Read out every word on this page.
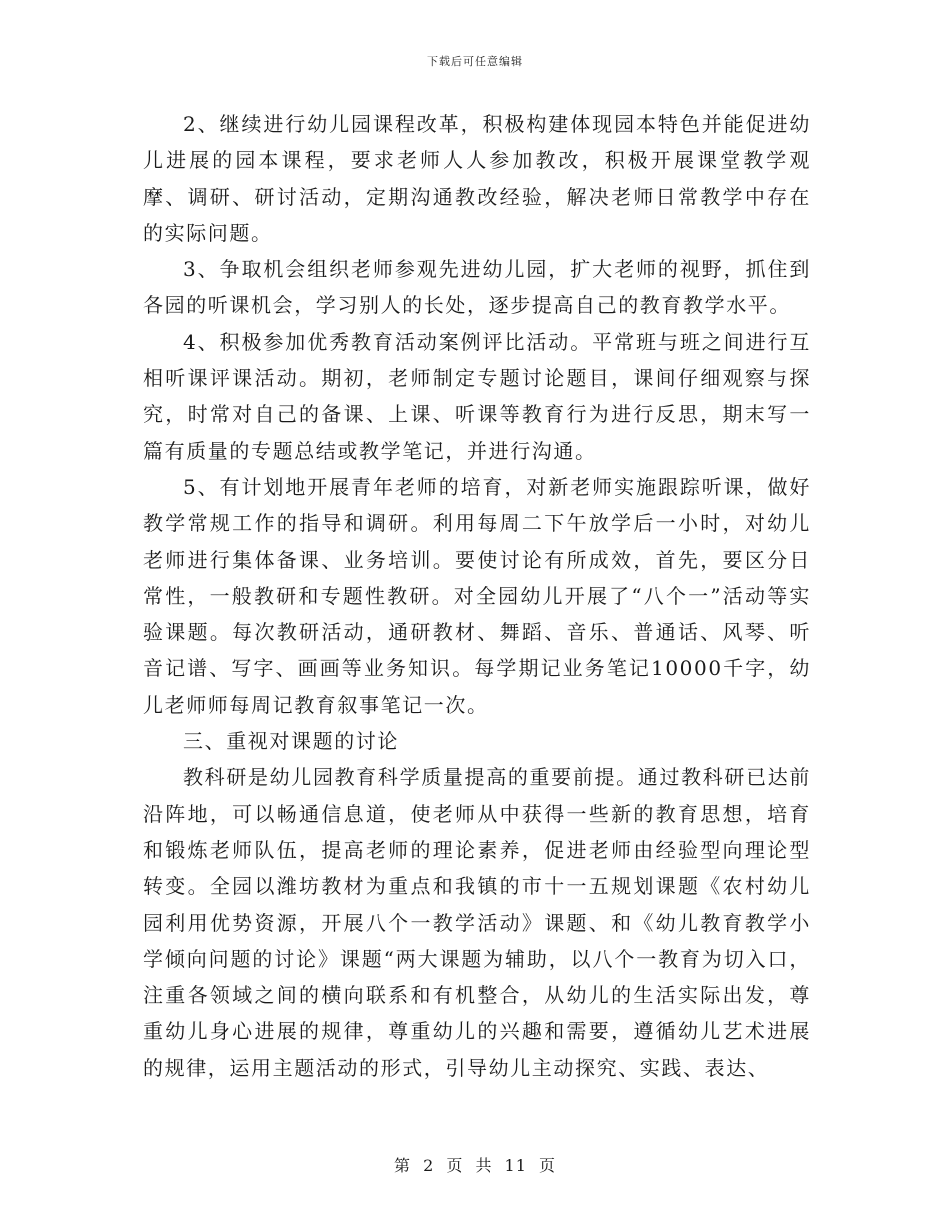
下载后可任意编辑

2、继续进行幼儿园课程改革，积极构建体现园本特色并能促进幼儿进展的园本课程，要求老师人人参加教改，积极开展课堂教学观摩、调研、研讨活动，定期沟通教改经验，解决老师日常教学中存在的实际问题。

3、争取机会组织老师参观先进幼儿园，扩大老师的视野，抓住到各园的听课机会，学习别人的长处，逐步提高自己的教育教学水平。

4、积极参加优秀教育活动案例评比活动。平常班与班之间进行互相听课评课活动。期初，老师制定专题讨论题目，课间仔细观察与探究，时常对自己的备课、上课、听课等教育行为进行反思，期末写一篇有质量的专题总结或教学笔记，并进行沟通。

5、有计划地开展青年老师的培育，对新老师实施跟踪听课，做好教学常规工作的指导和调研。利用每周二下午放学后一小时，对幼儿老师进行集体备课、业务培训。要使讨论有所成效，首先，要区分日常性，一般教研和专题性教研。对全园幼儿开展了“八个一”活动等实验课题。每次教研活动，通研教材、舞蹈、音乐、普通话、风琴、听音记谱、写字、画画等业务知识。每学期记业务笔记10000千字，幼儿老师师每周记教育叙事笔记一次。

三、重视对课题的讨论

教科研是幼儿园教育科学质量提高的重要前提。通过教科研已达前沿阵地，可以畅通信息道，使老师从中获得一些新的教育思想，培育和锻炼老师队伍，提高老师的理论素养，促进老师由经验型向理论型转变。全园以潍坊教材为重点和我镇的市十一五规划课题《农村幼儿园利用优势资源，开展八个一教学活动》课题、和《幼儿教育教学小学倾向问题的讨论》课题“两大课题为辅助，以八个一教育为切入口，注重各领域之间的横向联系和有机整合，从幼儿的生活实际出发，尊重幼儿身心进展的规律，尊重幼儿的兴趣和需要，遵循幼儿艺术进展的规律，运用主题活动的形式，引导幼儿主动探究、实践、表达、

第 2 页 共 11 页
